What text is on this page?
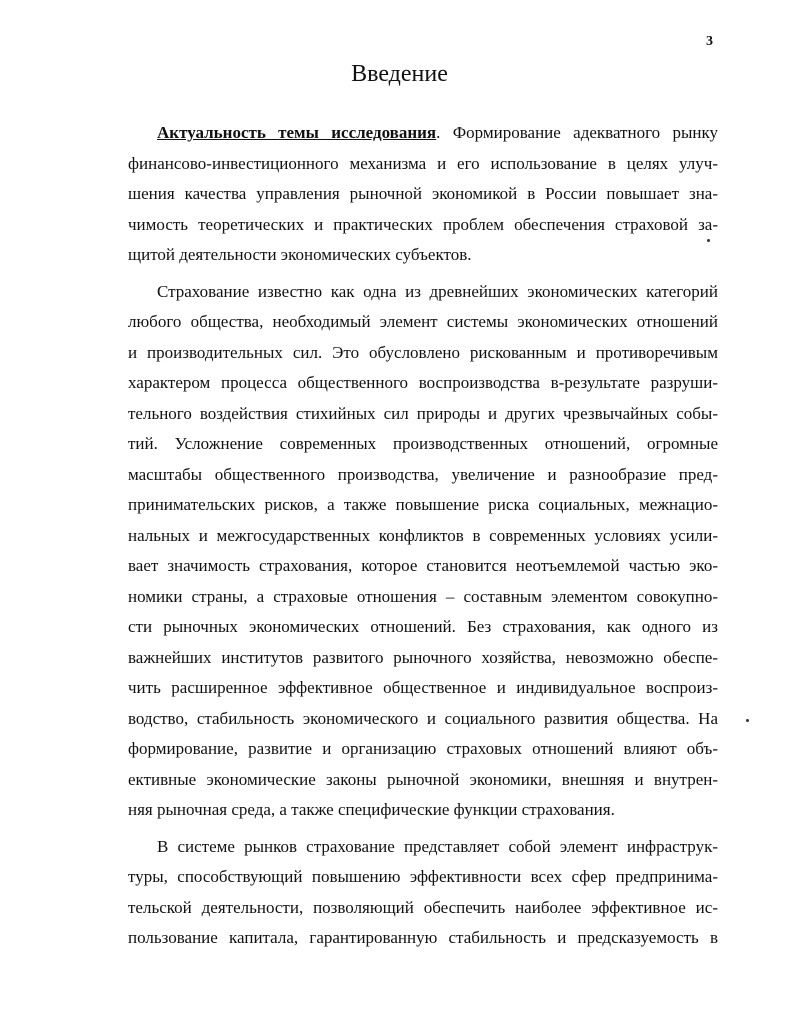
3
Введение
Актуальность темы исследования. Формирование адекватного рынку
финансово-инвестиционного механизма и его использование в целях улуч-
шения качества управления рыночной экономикой в России повышает зна-
чимость теоретических и практических проблем обеспечения страховой за-
щитой деятельности экономических субъектов.
Страхование известно как одна из древнейших экономических категорий
любого общества, необходимый элемент системы экономических отношений
и производительных сил. Это обусловлено рискованным и противоречивым
характером процесса общественного воспроизводства в-результате разруши-
тельного воздействия стихийных сил природы и других чрезвычайных собы-
тий. Усложнение современных производственных отношений, огромные
масштабы общественного производства, увеличение и разнообразие пред-
принимательских рисков, а также повышение риска социальных, межнацио-
нальных и межгосударственных конфликтов в современных условиях усили-
вает значимость страхования, которое становится неотъемлемой частью эко-
номики страны, а страховые отношения – составным элементом совокупно-
сти рыночных экономических отношений. Без страхования, как одного из
важнейших институтов развитого рыночного хозяйства, невозможно обеспе-
чить расширенное эффективное общественное и индивидуальное воспроиз-
водство, стабильность экономического и социального развития общества. На
формирование, развитие и организацию страховых отношений влияют объ-
ективные экономические законы рыночной экономики, внешняя и внутрен-
няя рыночная среда, а также специфические функции страхования.
В системе рынков страхование представляет собой элемент инфраструк-
туры, способствующий повышению эффективности всех сфер предпринима-
тельской деятельности, позволяющий обеспечить наиболее эффективное ис-
пользование капитала, гарантированную стабильность и предсказуемость в
